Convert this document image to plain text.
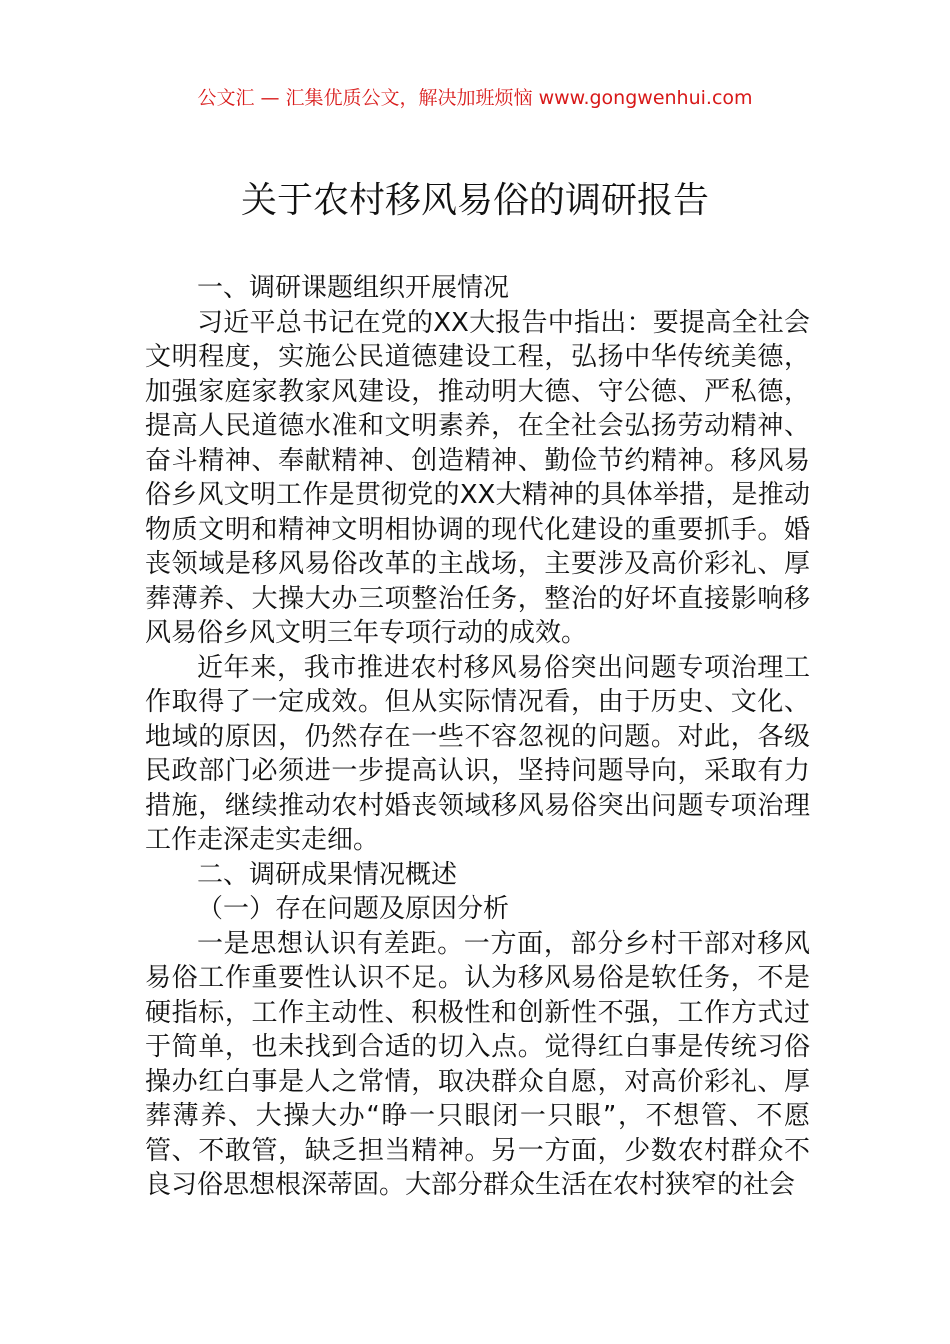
公文汇 — 汇集优质公文，解决加班烦恼 www.gongwenhui.com
关于农村移风易俗的调研报告

一、调研课题组织开展情况

习近平总书记在党的XX大报告中指出：要提高全社会文明程度，实施公民道德建设工程，弘扬中华传统美德，加强家庭家教家风建设，推动明大德、守公德、严私德，提高人民道德水准和文明素养，在全社会弘扬劳动精神、奋斗精神、奉献精神、创造精神、勤俭节约精神。移风易俗乡风文明工作是贯彻党的XX大精神的具体举措，是推动物质文明和精神文明相协调的现代化建设的重要抓手。婚丧领域是移风易俗改革的主战场，主要涉及高价彩礼、厚葬薄养、大操大办三项整治任务，整治的好坏直接影响移风易俗乡风文明三年专项行动的成效。

近年来，我市推进农村移风易俗突出问题专项治理工作取得了一定成效。但从实际情况看，由于历史、文化、地域的原因，仍然存在一些不容忽视的问题。对此，各级民政部门必须进一步提高认识，坚持问题导向，采取有力措施，继续推动农村婚丧领域移风易俗突出问题专项治理工作走深走实走细。

二、调研成果情况概述

（一）存在问题及原因分析

一是思想认识有差距。一方面，部分乡村干部对移风易俗工作重要性认识不足。认为移风易俗是软任务，不是硬指标，工作主动性、积极性和创新性不强，工作方式过于简单，也未找到合适的切入点。觉得红白事是传统习俗操办红白事是人之常情，取决群众自愿，对高价彩礼、厚葬薄养、大操大办“睁一只眼闭一只眼”，不想管、不愿管、不敢管，缺乏担当精神。另一方面，少数农村群众不良习俗思想根深蒂固。大部分群众生活在农村狭窄的社会
